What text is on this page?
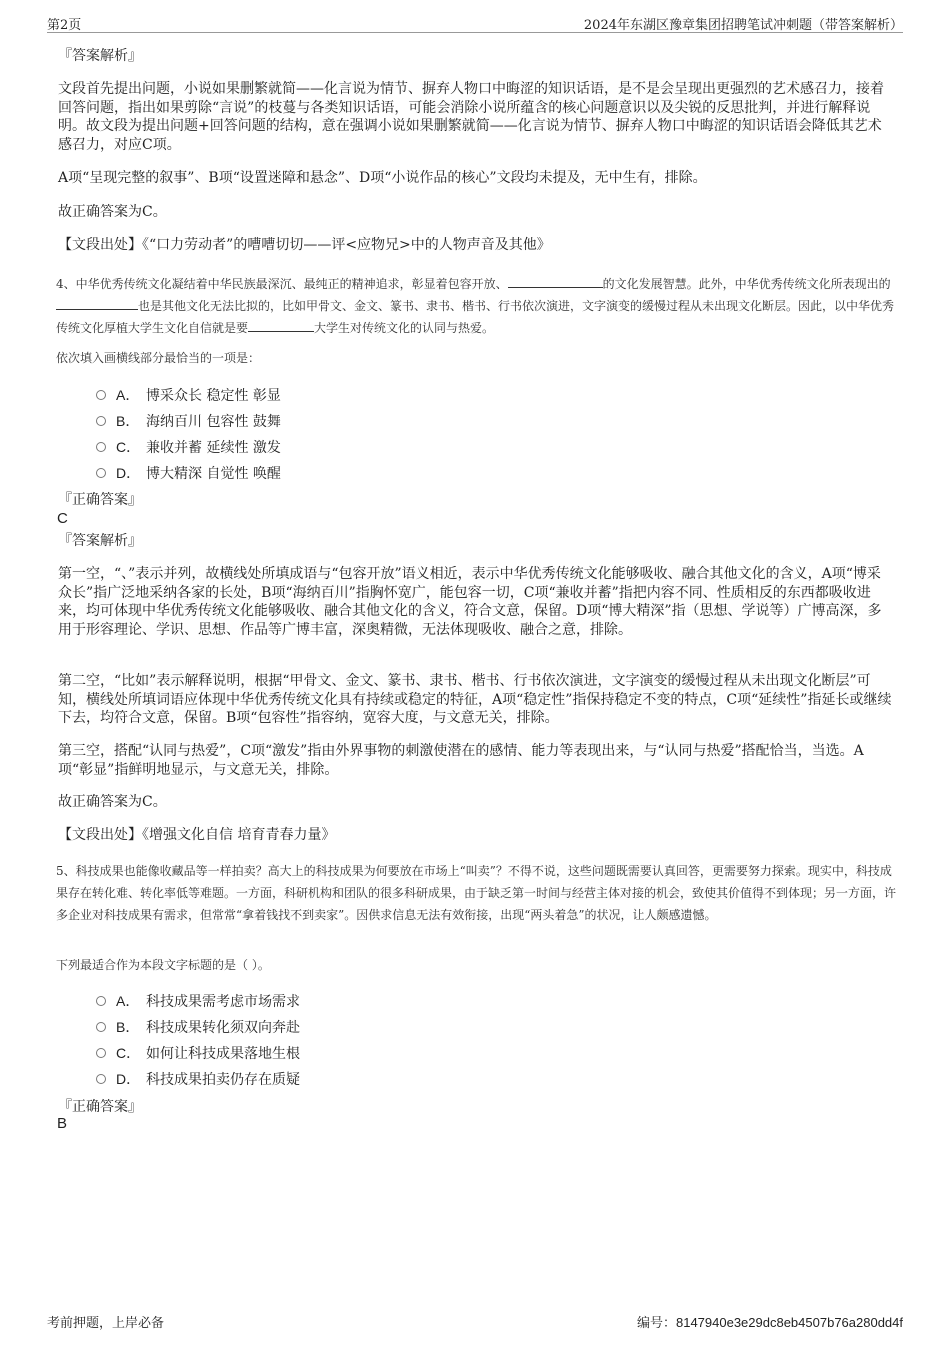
第2页	2024年东湖区豫章集团招聘笔试冲刺题（带答案解析）

『答案解析』

文段首先提出问题，小说如果删繁就简——化言说为情节、摒弃人物口中晦涩的知识话语，是不是会呈现出更强烈的艺术感召力，接着回答问题，指出如果剪除“言说”的枝蔓与各类知识话语，可能会消除小说所蕴含的核心问题意识以及尖锐的反思批判，并进行解释说明。故文段为提出问题+回答问题的结构，意在强调小说如果删繁就简——化言说为情节、摒弃人物口中晦涩的知识话语会降低其艺术感召力，对应C项。

A项“呈现完整的叙事”、B项“设置迷障和悬念”、D项“小说作品的核心”文段均未提及，无中生有，排除。

故正确答案为C。

【文段出处】《“口力劳动者”的嘈嘈切切——评<应物兄>中的人物声音及其他》

4、中华优秀传统文化凝结着中华民族最深沉、最纯正的精神追求，彰显着包容开放、	的文化发展智慧。此外，中华优秀传统文化所表现出的也是其他文化无法比拟的，比如甲骨文、金文、篆书、隶书、楷书、行书依次演进，文字演变的缓慢过程从未出现文化断层。因此，以中华优秀传统文化厚植大学生文化自信就是要	大学生对传统文化的认同与热爱。

依次填入画横线部分最恰当的一项是：

A． 博采众长 稳定性 彰显
B． 海纳百川 包容性 鼓舞
C． 兼收并蓄 延续性 激发
D． 博大精深 自觉性 唤醒

『正确答案』

C

『答案解析』

第一空，“、”表示并列，故横线处所填成语与“包容开放”语义相近，表示中华优秀传统文化能够吸收、融合其他文化的含义，A项“博采众长”指广泛地采纳各家的长处，B项“海纳百川”指胸怀宽广，能包容一切，C项“兼收并蓄”指把内容不同、性质相反的东西都吸收进来，均可体现中华优秀传统文化能够吸收、融合其他文化的含义，符合文意，保留。D项“博大精深”指（思想、学说等）广博高深，多用于形容理论、学识、思想、作品等广博丰富，深奥精微，无法体现吸收、融合之意，排除。

第二空，“比如”表示解释说明，根据“甲骨文、金文、篆书、隶书、楷书、行书依次演进，文字演变的缓慢过程从未出现文化断层”可知，横线处所填词语应体现中华优秀传统文化具有持续或稳定的特征，A项“稳定性”指保持稳定不变的特点，C项“延续性”指延长或继续下去，均符合文意，保留。B项“包容性”指容纳，宽容大度，与文意无关，排除。

第三空，搭配“认同与热爱”，C项“激发”指由外界事物的刺激使潜在的感情、能力等表现出来，与“认同与热爱”搭配恰当，当选。A项“彰显”指鲜明地显示，与文意无关，排除。

故正确答案为C。

【文段出处】《增强文化自信 培育青春力量》

5、科技成果也能像收藏品等一样拍卖？高大上的科技成果为何要放在市场上“叫卖”？不得不说，这些问题既需要认真回答，更需要努力探索。现实中，科技成果存在转化难、转化率低等难题。一方面，科研机构和团队的很多科研成果，由于缺乏第一时间与经营主体对接的机会，致使其价值得不到体现；另一方面，许多企业对科技成果有需求，但常常“拿着钱找不到卖家”。因供求信息无法有效衔接，出现“两头着急”的状况，让人颇感遗憾。

下列最适合作为本段文字标题的是（ ）。

A． 科技成果需考虑市场需求
B． 科技成果转化须双向奔赴
C． 如何让科技成果落地生根
D． 科技成果拍卖仍存在质疑

『正确答案』

B
考前押题，上岸必备	编号：8147940e3e29dc8eb4507b76a280dd4f
